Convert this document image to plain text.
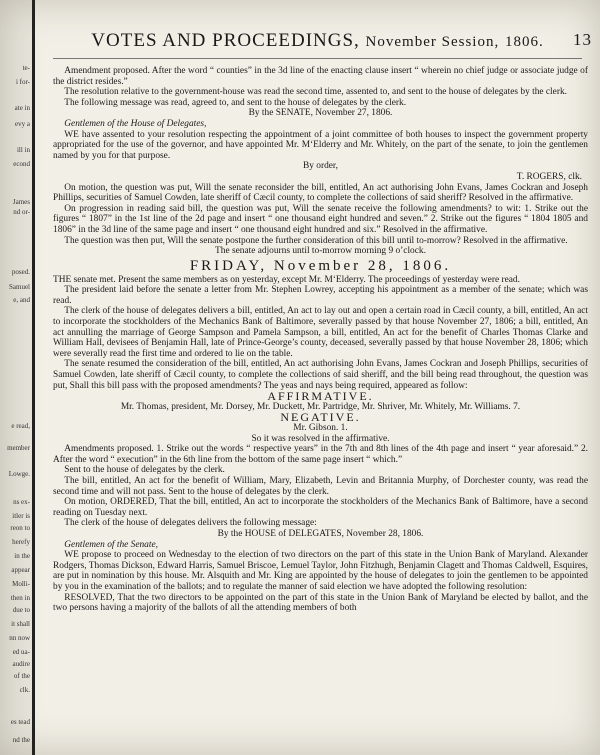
te-
i for-
ate in
evy a
ill in
econd
James
nd or-
posed.
Samuel
e, and
e read,
member
Lowge.
ns ex-
itler is
reon to
herefy
in the
appear
Molli-
then in
due to
it shall
nn now
ed ua-
audire
of the
clk.
es tead
nd the
VOTES AND PROCEEDINGS, November Session, 1806. 13

Amendment proposed. After the word “ counties” in the 3d line of the enacting clause insert “ wherein no chief judge or associate judge of the district resides.”

The resolution relative to the government-house was read the second time, assented to, and sent to the house of delegates by the clerk.

The following message was read, agreed to, and sent to the house of delegates by the clerk.

By the SENATE, November 27, 1806.

Gentlemen of the House of Delegates,

WE have assented to your resolution respecting the appointment of a joint committee of both houses to inspect the government property appropriated for the use of the governor, and have appointed Mr. M‘Elderry and Mr. Whitely, on the part of the senate, to join the gentlemen named by you for that purpose.

By order,

T. ROGERS, clk.

On motion, the question was put, Will the senate reconsider the bill, entitled, An act authorising John Evans, James Cockran and Joseph Phillips, securities of Samuel Cowden, late sheriff of Cæcil county, to complete the collections of said sheriff? Resolved in the affirmative.

On progression in reading said bill, the question was put, Will the senate receive the following amendments? to wit: 1. Strike out the figures “ 1807” in the 1st line of the 2d page and insert “ one thousand eight hundred and seven.” 2. Strike out the figures “ 1804 1805 and 1806” in the 3d line of the same page and insert “ one thousand eight hundred and six.” Resolved in the affirmative.

The question was then put, Will the senate postpone the further consideration of this bill until to-morrow? Resolved in the affirmative.

The senate adjourns until to-morrow morning 9 o’clock.

FRIDAY, November 28, 1806.

THE senate met. Present the same members as on yesterday, except Mr. M‘Elderry. The proceedings of yesterday were read.

The president laid before the senate a letter from Mr. Stephen Lowrey, accepting his appointment as a member of the senate; which was read.

The clerk of the house of delegates delivers a bill, entitled, An act to lay out and open a certain road in Cæcil county, a bill, entitled, An act to incorporate the stockholders of the Mechanics Bank of Baltimore, severally passed by that house November 27, 1806; a bill, entitled, An act annulling the marriage of George Sampson and Pamela Sampson, a bill, entitled, An act for the benefit of Charles Thomas Clarke and William Hall, devisees of Benjamin Hall, late of Prince-George’s county, deceased, severally passed by that house November 28, 1806; which were severally read the first time and ordered to lie on the table.

The senate resumed the consideration of the bill, entitled, An act authorising John Evans, James Cockran and Joseph Phillips, securities of Samuel Cowden, late sheriff of Cæcil county, to complete the collections of said sheriff, and the bill being read throughout, the question was put, Shall this bill pass with the proposed amendments? The yeas and nays being required, appeared as follow:

AFFIRMATIVE.

Mr. Thomas, president, Mr. Dorsey, Mr. Duckett, Mr. Partridge, Mr. Shriver, Mr. Whitely, Mr. Williams. 7.

NEGATIVE.

Mr. Gibson. 1.

So it was resolved in the affirmative.

Amendments proposed. 1. Strike out the words “ respective years” in the 7th and 8th lines of the 4th page and insert “ year aforesaid.” 2. After the word “ execution” in the 6th line from the bottom of the same page insert “ which.”

Sent to the house of delegates by the clerk.

The bill, entitled, An act for the benefit of William, Mary, Elizabeth, Levin and Britannia Murphy, of Dorchester county, was read the second time and will not pass. Sent to the house of delegates by the clerk.

On motion, ORDERED, That the bill, entitled, An act to incorporate the stockholders of the Mechanics Bank of Baltimore, have a second reading on Tuesday next.

The clerk of the house of delegates delivers the following message:

By the HOUSE of DELEGATES, November 28, 1806.

Gentlemen of the Senate,

WE propose to proceed on Wednesday to the election of two directors on the part of this state in the Union Bank of Maryland. Alexander Rodgers, Thomas Dickson, Edward Harris, Samuel Briscoe, Lemuel Taylor, John Fitzhugh, Benjamin Clagett and Thomas Caldwell, Esquires, are put in nomination by this house. Mr. Alsquith and Mr. King are appointed by the house of delegates to join the gentlemen to be appointed by you in the examination of the ballots; and to regulate the manner of said election we have adopted the following resolution:

RESOLVED, That the two directors to be appointed on the part of this state in the Union Bank of Maryland be elected by ballot, and the two persons having a majority of the ballots of all the attending members of both
